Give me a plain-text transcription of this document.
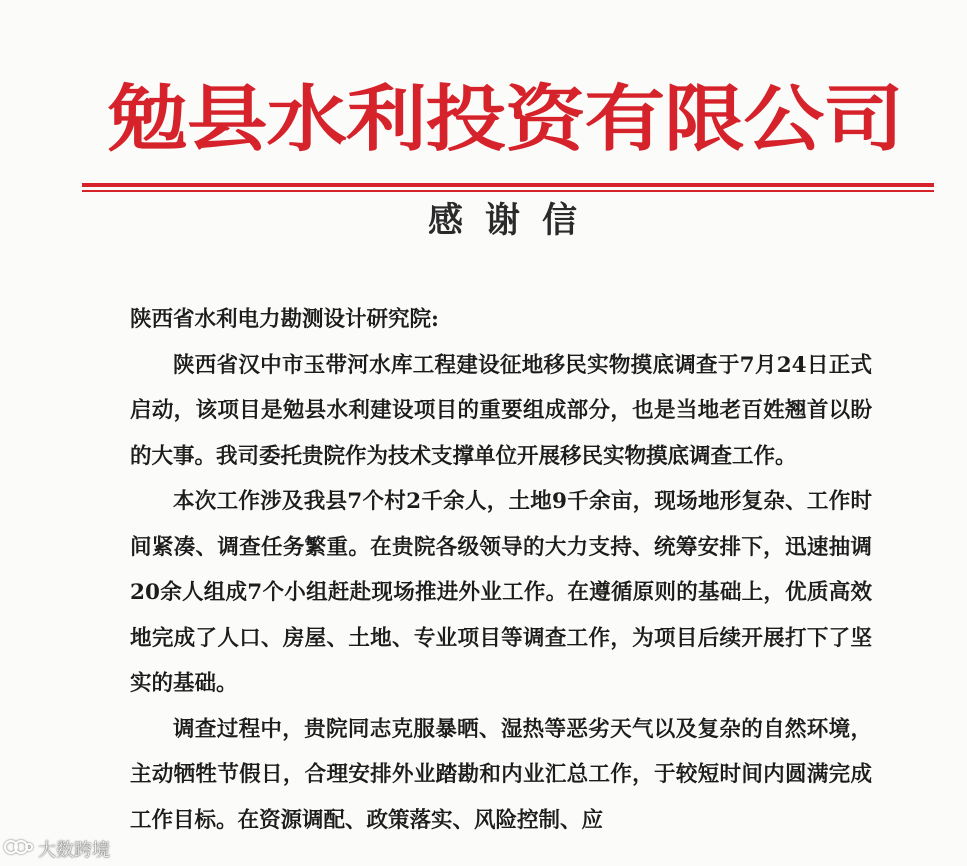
勉县水利投资有限公司
感谢信

陕西省水利电力勘测设计研究院:

陕西省汉中市玉带河水库工程建设征地移民实物摸底调查于7月24日正式启动，该项目是勉县水利建设项目的重要组成部分，也是当地老百姓翘首以盼的大事。我司委托贵院作为技术支撑单位开展移民实物摸底调查工作。

本次工作涉及我县7个村2千余人，土地9千余亩，现场地形复杂、工作时间紧凑、调查任务繁重。在贵院各级领导的大力支持、统筹安排下，迅速抽调20余人组成7个小组赶赴现场推进外业工作。在遵循原则的基础上，优质高效地完成了人口、房屋、土地、专业项目等调查工作，为项目后续开展打下了坚实的基础。

调查过程中，贵院同志克服暴晒、湿热等恶劣天气以及复杂的自然环境，主动牺牲节假日，合理安排外业踏勘和内业汇总工作，于较短时间内圆满完成工作目标。在资源调配、政策落实、风险控制、应

大数跨境
